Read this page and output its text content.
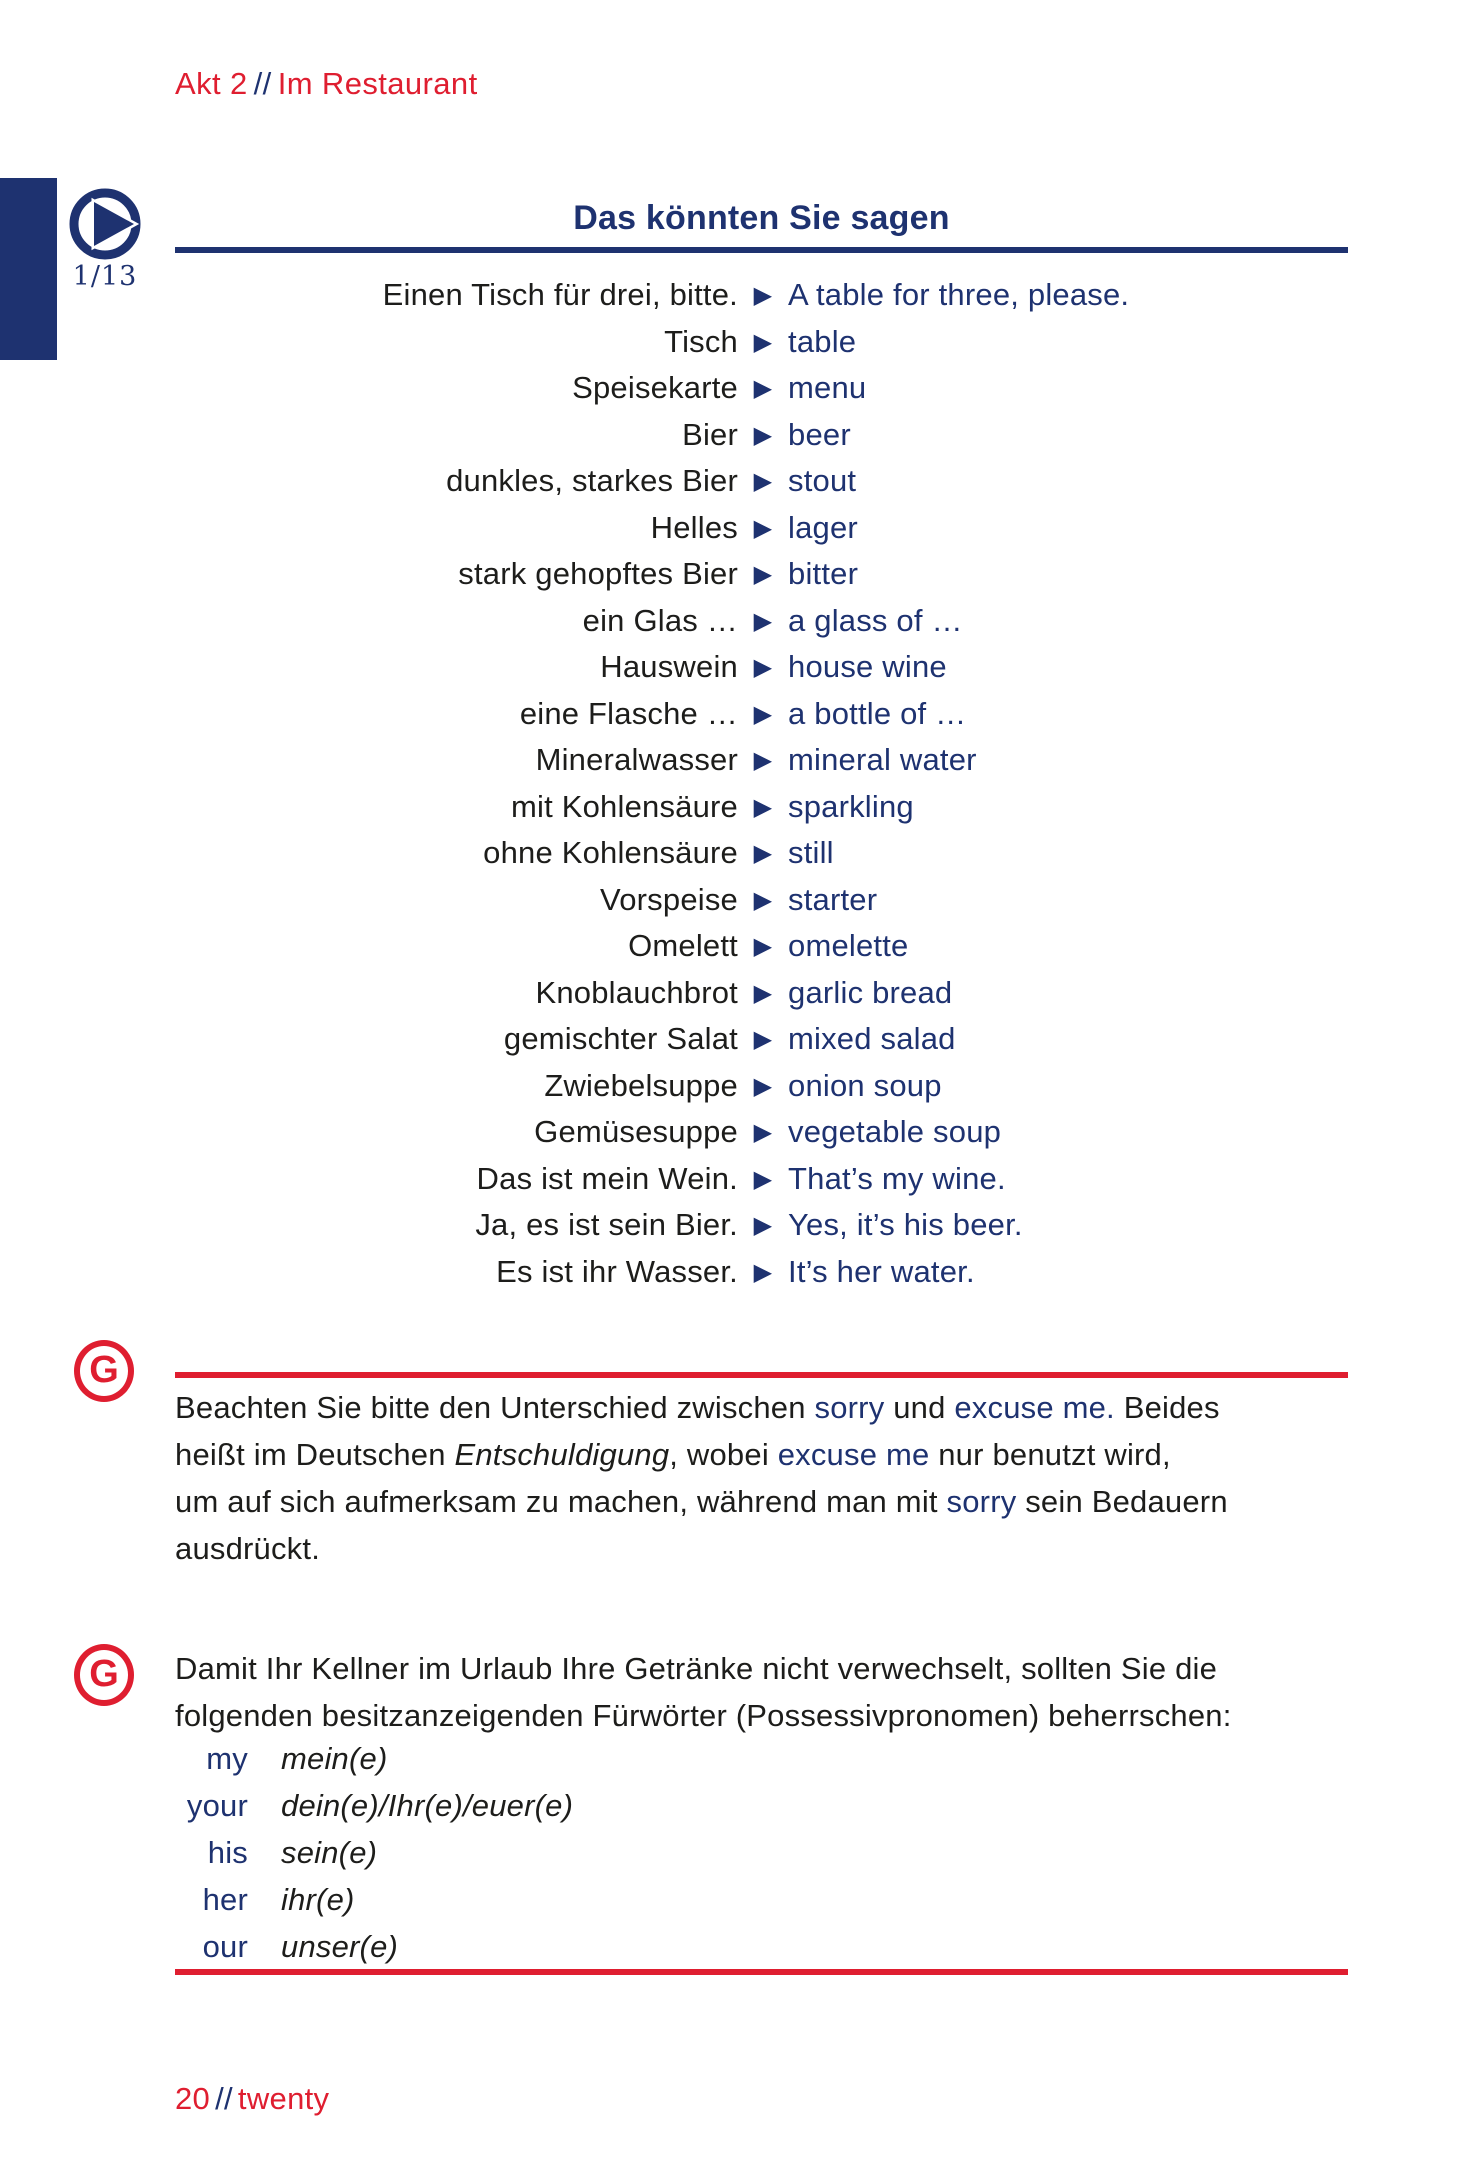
Akt 2 // Im Restaurant
1/13
Das könnten Sie sagen
Einen Tisch für drei, bitte. ▶ A table for three, please.
Tisch ▶ table
Speisekarte ▶ menu
Bier ▶ beer
dunkles, starkes Bier ▶ stout
Helles ▶ lager
stark gehopftes Bier ▶ bitter
ein Glas … ▶ a glass of …
Hauswein ▶ house wine
eine Flasche … ▶ a bottle of …
Mineralwasser ▶ mineral water
mit Kohlensäure ▶ sparkling
ohne Kohlensäure ▶ still
Vorspeise ▶ starter
Omelett ▶ omelette
Knoblauchbrot ▶ garlic bread
gemischter Salat ▶ mixed salad
Zwiebelsuppe ▶ onion soup
Gemüsesuppe ▶ vegetable soup
Das ist mein Wein. ▶ That’s my wine.
Ja, es ist sein Bier. ▶ Yes, it’s his beer.
Es ist ihr Wasser. ▶ It’s her water.
G
Beachten Sie bitte den Unterschied zwischen sorry und excuse me. Beides
heißt im Deutschen Entschuldigung, wobei excuse me nur benutzt wird,
um auf sich aufmerksam zu machen, während man mit sorry sein Bedauern
ausdrückt.
G	Damit Ihr Kellner im Urlaub Ihre Getränke nicht verwechselt, sollten Sie die
folgenden besitzanzeigenden Fürwörter (Possessivpronomen) beherrschen:
my mein(e)
your dein(e)/Ihr(e)/euer(e)
his sein(e)
her ihr(e)
our unser(e)
20 // twenty
